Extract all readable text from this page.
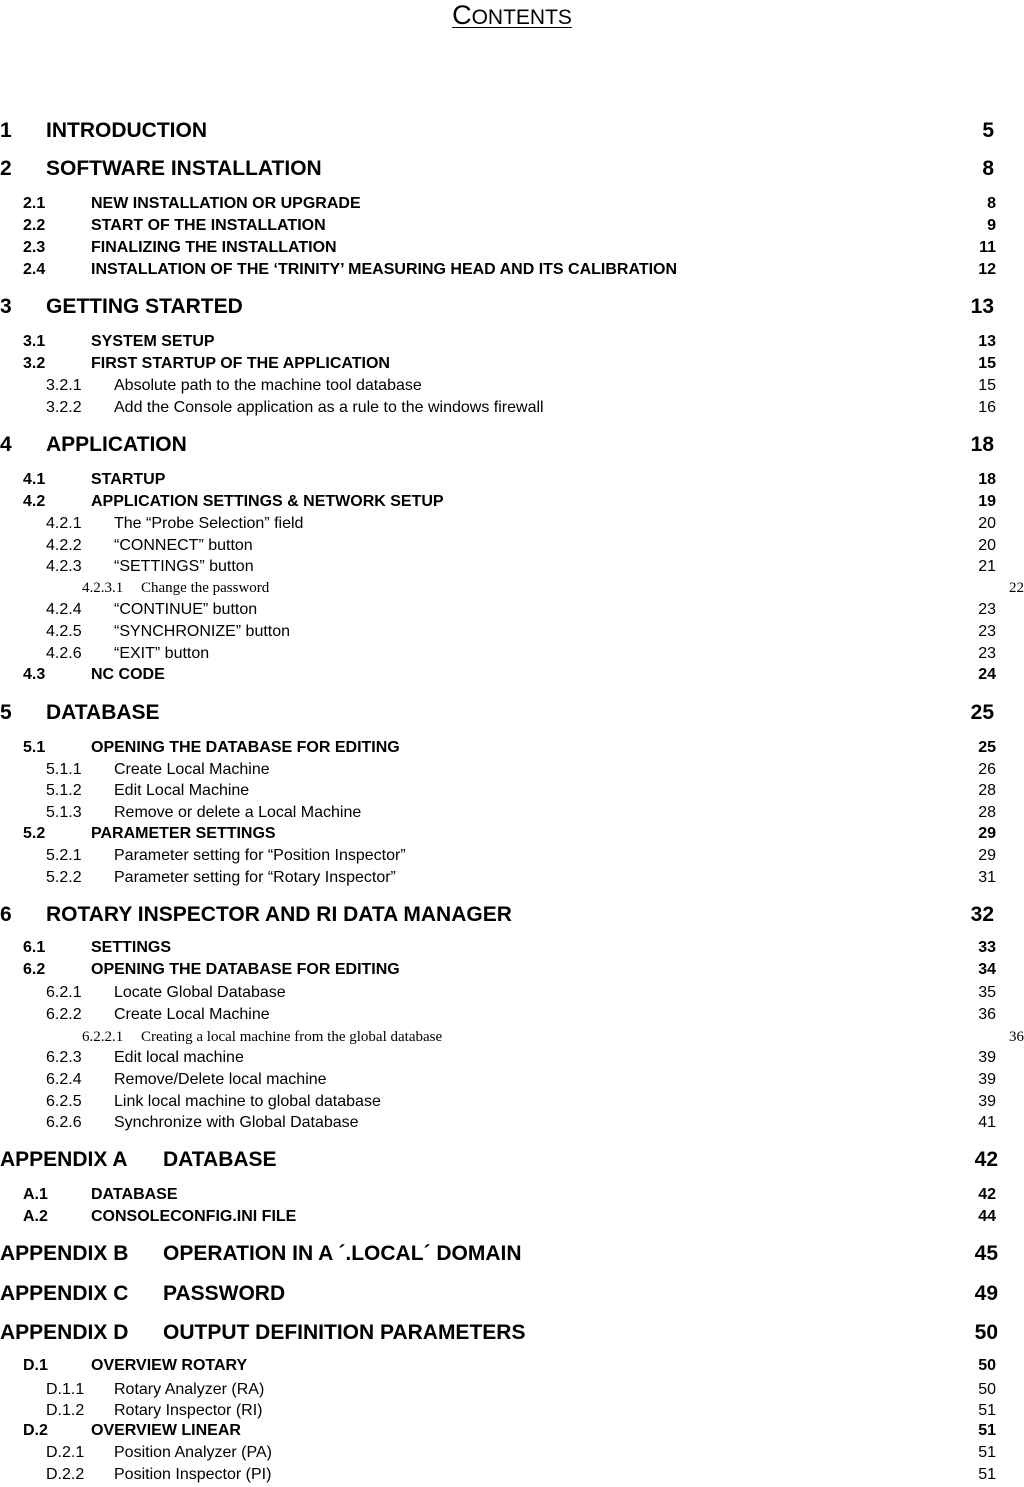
CONTENTS
1 INTRODUCTION	5
2 SOFTWARE INSTALLATION	8
2.1	NEW INSTALLATION OR UPGRADE	8
2.2	START OF THE INSTALLATION	9
2.3	FINALIZING THE INSTALLATION	11
2.4	INSTALLATION OF THE ‘TRINITY’ MEASURING HEAD AND ITS CALIBRATION	12
3 GETTING STARTED	13
3.1	SYSTEM SETUP	13
3.2	FIRST STARTUP OF THE APPLICATION	15
3.2.1 Absolute path to the machine tool database	15
3.2.2 Add the Console application as a rule to the windows firewall	16
4 APPLICATION	18
4.1	STARTUP	18
4.2	APPLICATION SETTINGS & NETWORK SETUP	19
4.2.1 The “Probe Selection” field	20
4.2.2 “CONNECT” button	20
4.2.3 “SETTINGS” button	21
4.2.3.1 Change the password	22
4.2.4 “CONTINUE” button	23
4.2.5 “SYNCHRONIZE” button	23
4.2.6 “EXIT” button	23
4.3	NC CODE	24
5 DATABASE	25
5.1	OPENING THE DATABASE FOR EDITING	25
5.1.1 Create Local Machine	26
5.1.2 Edit Local Machine	28
5.1.3 Remove or delete a Local Machine	28
5.2	PARAMETER SETTINGS	29
5.2.1 Parameter setting for “Position Inspector”	29
5.2.2 Parameter setting for “Rotary Inspector”	31
6 ROTARY INSPECTOR AND RI DATA MANAGER	32
6.1	SETTINGS	33
6.2	OPENING THE DATABASE FOR EDITING	34
6.2.1 Locate Global Database	35
6.2.2 Create Local Machine	36
6.2.2.1 Creating a local machine from the global database	36
6.2.3 Edit local machine	39
6.2.4 Remove/Delete local machine	39
6.2.5 Link local machine to global database	39
6.2.6 Synchronize with Global Database	41
APPENDIX A DATABASE	42
A.1	DATABASE	42
A.2	CONSOLECONFIG.INI FILE	44
APPENDIX B OPERATION IN A ´.LOCAL´ DOMAIN	45
APPENDIX C PASSWORD	49
APPENDIX D OUTPUT DEFINITION PARAMETERS	50
D.1	OVERVIEW ROTARY	50
D.1.1 Rotary Analyzer (RA)	50
D.1.2 Rotary Inspector (RI)	51
D.2	OVERVIEW LINEAR	51
D.2.1 Position Analyzer (PA)	51
D.2.2 Position Inspector (PI)	51
